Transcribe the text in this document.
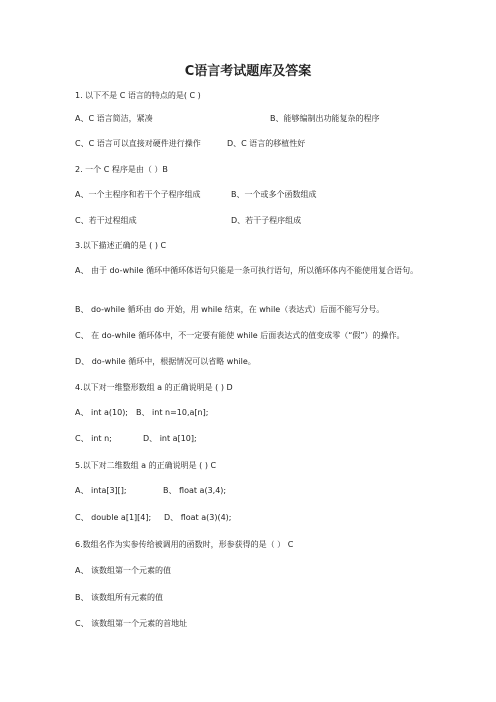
C语言考试题库及答案
1. 以下不是 C 语言的特点的是( C )
A、C 语言简洁，紧凑	B、能够编制出功能复杂的程序
C、C 语言可以直接对硬件进行操作	D、C 语言的移植性好
2. 一个 C 程序是由（ ）B
A、一个主程序和若干个子程序组成	B、一个或多个函数组成
C、若干过程组成	D、若干子程序组成
3.以下描述正确的是 ( ) C
A、 由于 do-while 循环中循环体语句只能是一条可执行语句，所以循环体内不能使用复合语句。
B、 do-while 循环由 do 开始，用 while 结束，在 while（表达式）后面不能写分号。
C、 在 do-while 循环体中，不一定要有能使 while 后面表达式的值变成零（“假”）的操作。
D、 do-while 循环中，根据情况可以省略 while。
4.以下对一维整形数组 a 的正确说明是 ( ) D
A、 int a(10); B、 int n=10,a[n];
C、 int n;	D、 int a[10];
5.以下对二维数组 a 的正确说明是 ( ) C
A、 inta[3][];	B、 float a(3,4);
C、 double a[1][4]; D、 float a(3)(4);
6.数组名作为实参传给被调用的函数时，形参获得的是（ ） C
A、 该数组第一个元素的值
B、 该数组所有元素的值
C、 该数组第一个元素的首地址
